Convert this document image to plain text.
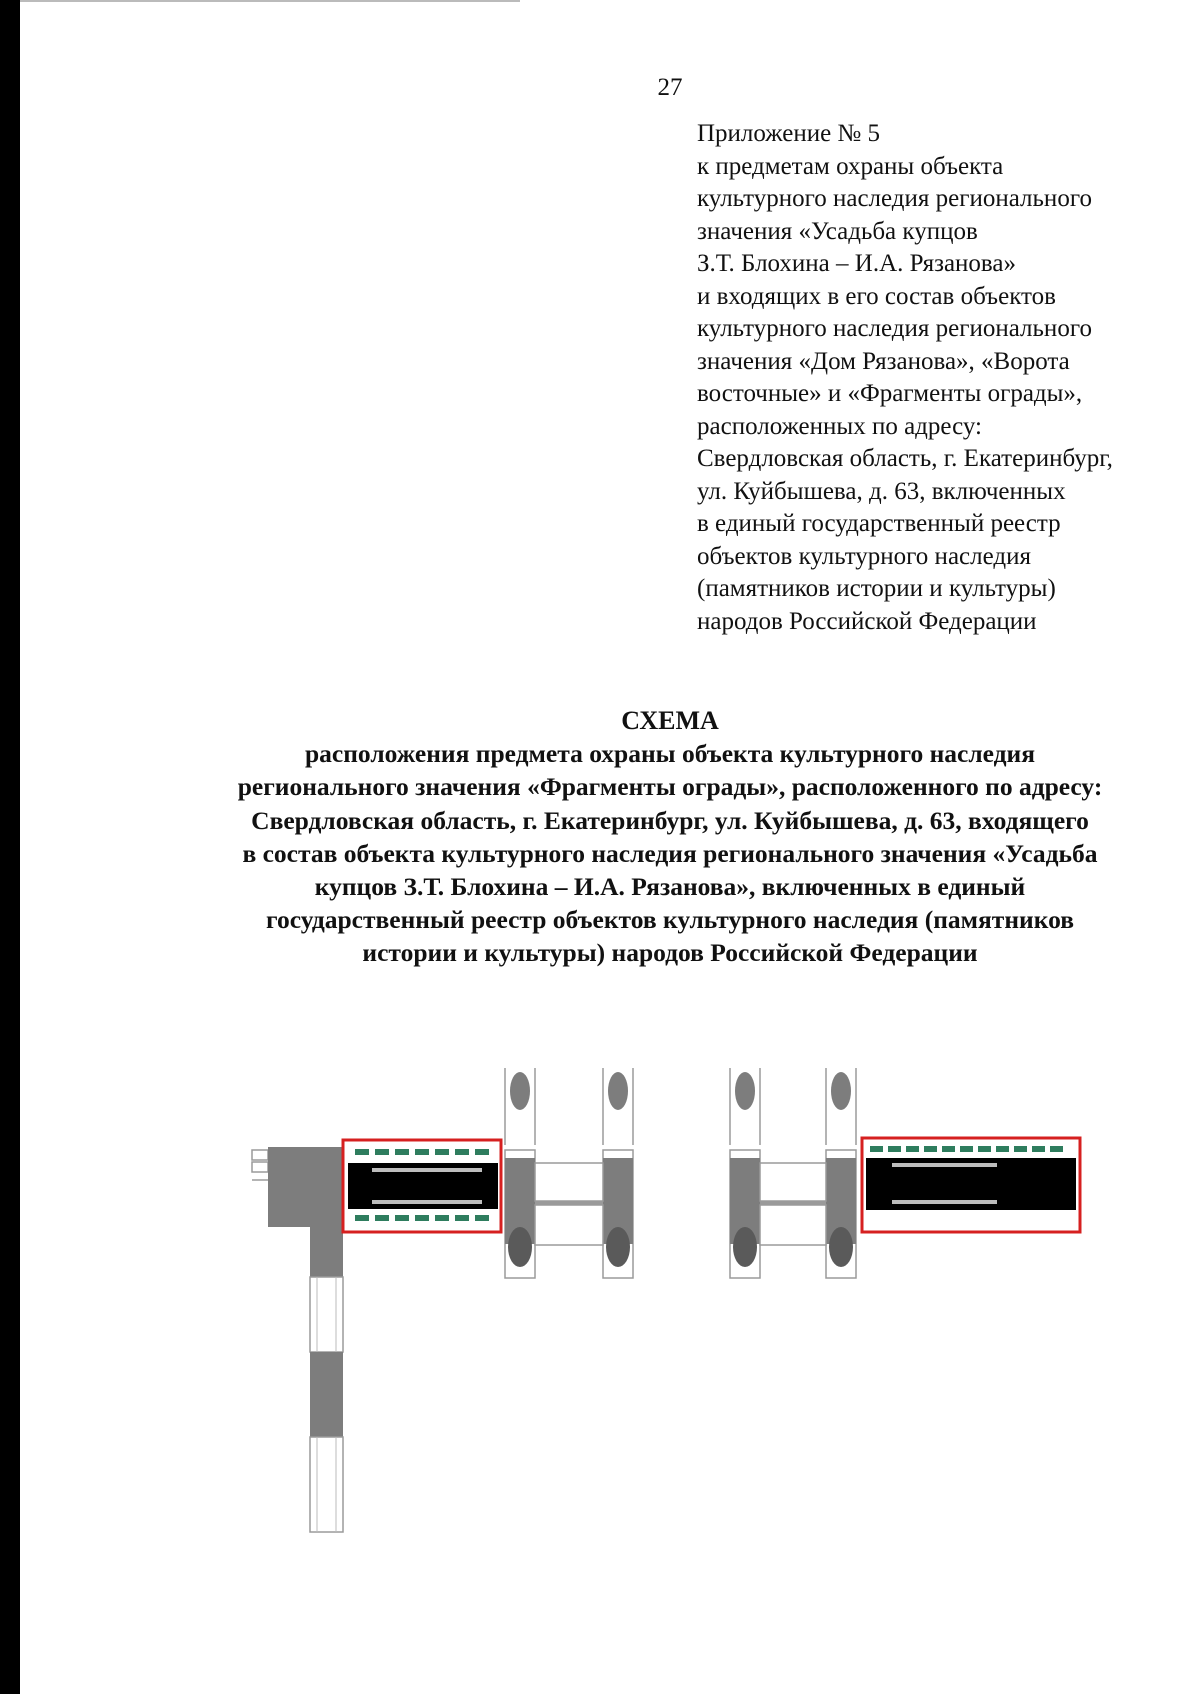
27
Приложение № 5
к предметам охраны объекта
культурного наследия регионального
значения «Усадьба купцов
З.Т. Блохина – И.А. Рязанова»
и входящих в его состав объектов
культурного наследия регионального
значения «Дом Рязанова», «Ворота
восточные» и «Фрагменты ограды»,
расположенных по адресу:
Свердловская область, г. Екатеринбург,
ул. Куйбышева, д. 63, включенных
в единый государственный реестр
объектов культурного наследия
(памятников истории и культуры)
народов Российской Федерации
СХЕМА
расположения предмета охраны объекта культурного наследия
регионального значения «Фрагменты ограды», расположенного по адресу:
Свердловская область, г. Екатеринбург, ул. Куйбышева, д. 63, входящего
в состав объекта культурного наследия регионального значения «Усадьба
купцов З.Т. Блохина – И.А. Рязанова», включенных в единый
государственный реестр объектов культурного наследия (памятников
истории и культуры) народов Российской Федерации
